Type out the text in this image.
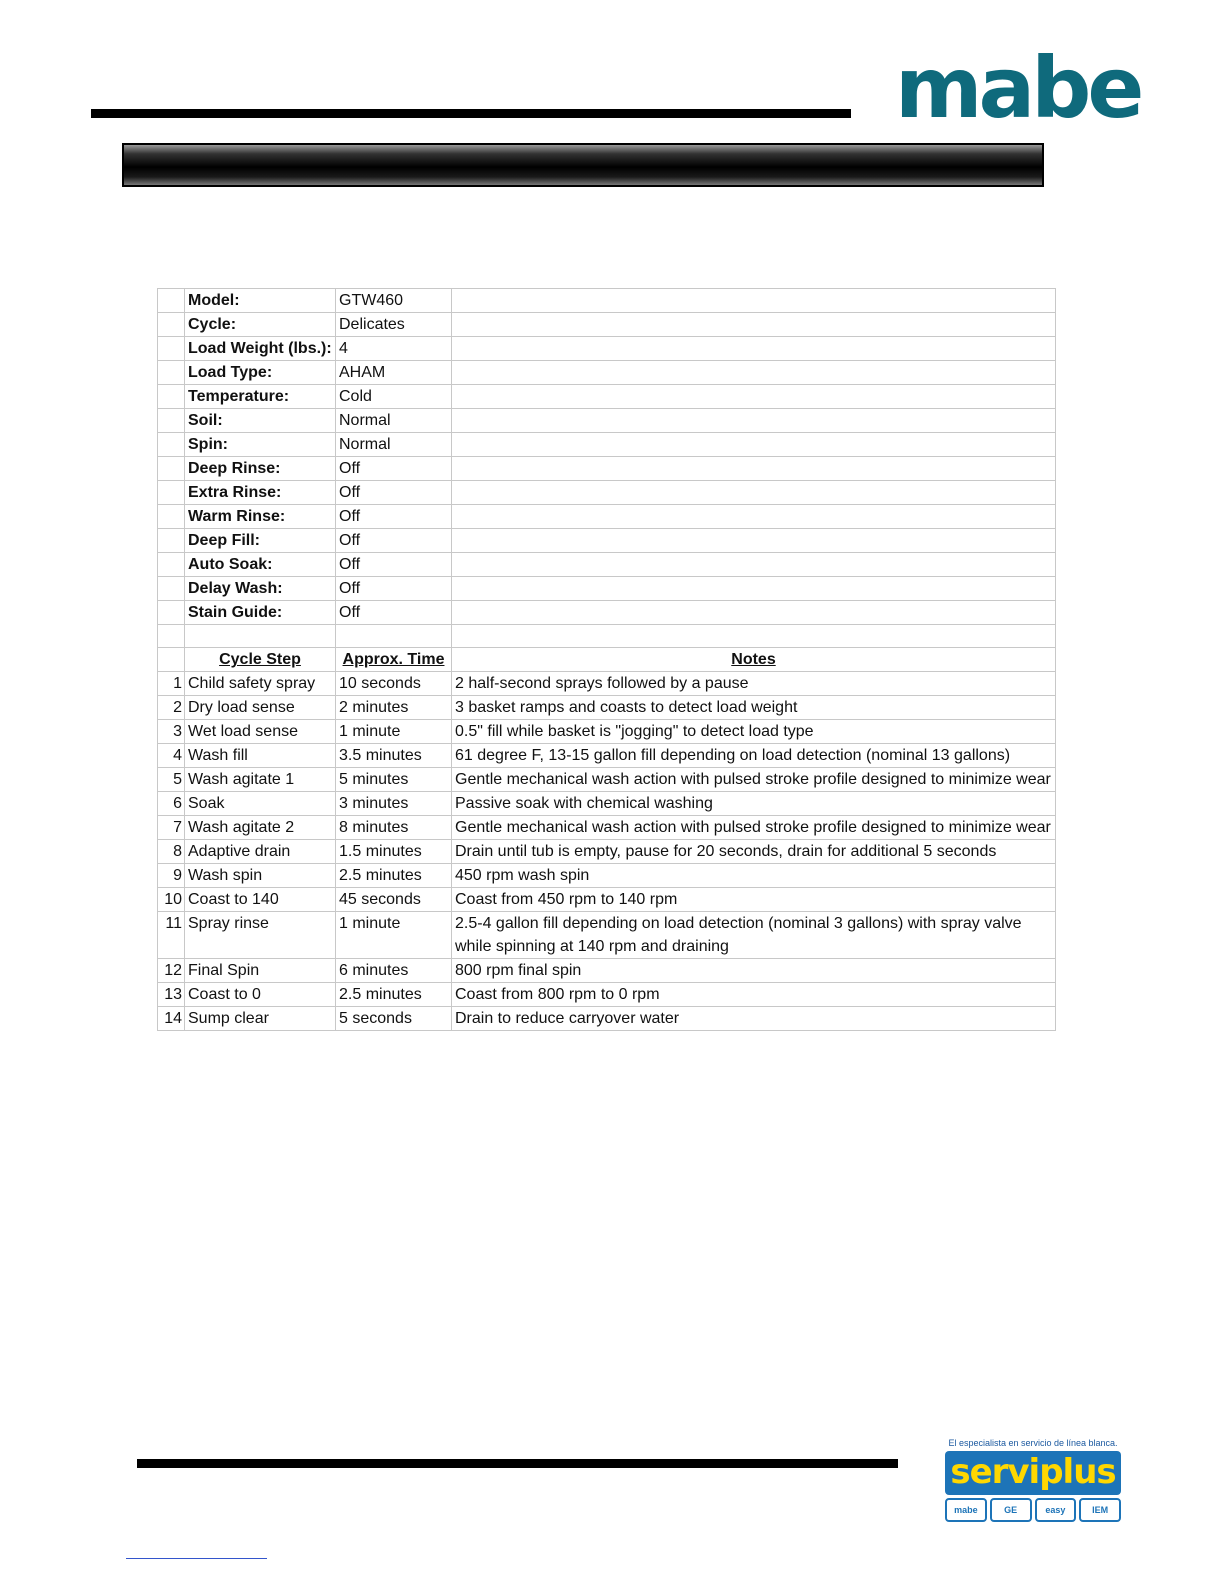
mabe
	Model:	GTW460	
	Cycle:	Delicates	
	Load Weight (lbs.):	4	
	Load Type:	AHAM	
	Temperature:	Cold	
	Soil:	Normal	
	Spin:	Normal	
	Deep Rinse:	Off	
	Extra Rinse:	Off	
	Warm Rinse:	Off	
	Deep Fill:	Off	
	Auto Soak:	Off	
	Delay Wash:	Off	
	Stain Guide:	Off	

	Cycle Step	Approx. Time	Notes
1	Child safety spray	10 seconds	2 half-second sprays followed by a pause
2	Dry load sense	2 minutes	3 basket ramps and coasts to detect load weight
3	Wet load sense	1 minute	0.5" fill while basket is "jogging" to detect load type
4	Wash fill	3.5 minutes	61 degree F, 13-15 gallon fill depending on load detection (nominal 13 gallons)
5	Wash agitate 1	5 minutes	Gentle mechanical wash action with pulsed stroke profile designed to minimize wear
6	Soak	3 minutes	Passive soak with chemical washing
7	Wash agitate 2	8 minutes	Gentle mechanical wash action with pulsed stroke profile designed to minimize wear
8	Adaptive drain	1.5 minutes	Drain until tub is empty, pause for 20 seconds, drain for additional 5 seconds
9	Wash spin	2.5 minutes	450 rpm wash spin
10	Coast to 140	45 seconds	Coast from 450 rpm to 140 rpm
11	Spray rinse	1 minute	2.5-4 gallon fill depending on load detection (nominal 3 gallons) with spray valve while spinning at 140 rpm and draining
12	Final Spin	6 minutes	800 rpm final spin
13	Coast to 0	2.5 minutes	Coast from 800 rpm to 0 rpm
14	Sump clear	5 seconds	Drain to reduce carryover water
El especialista en servicio de línea blanca.
serviplus
mabe	GE	easy	IEM
